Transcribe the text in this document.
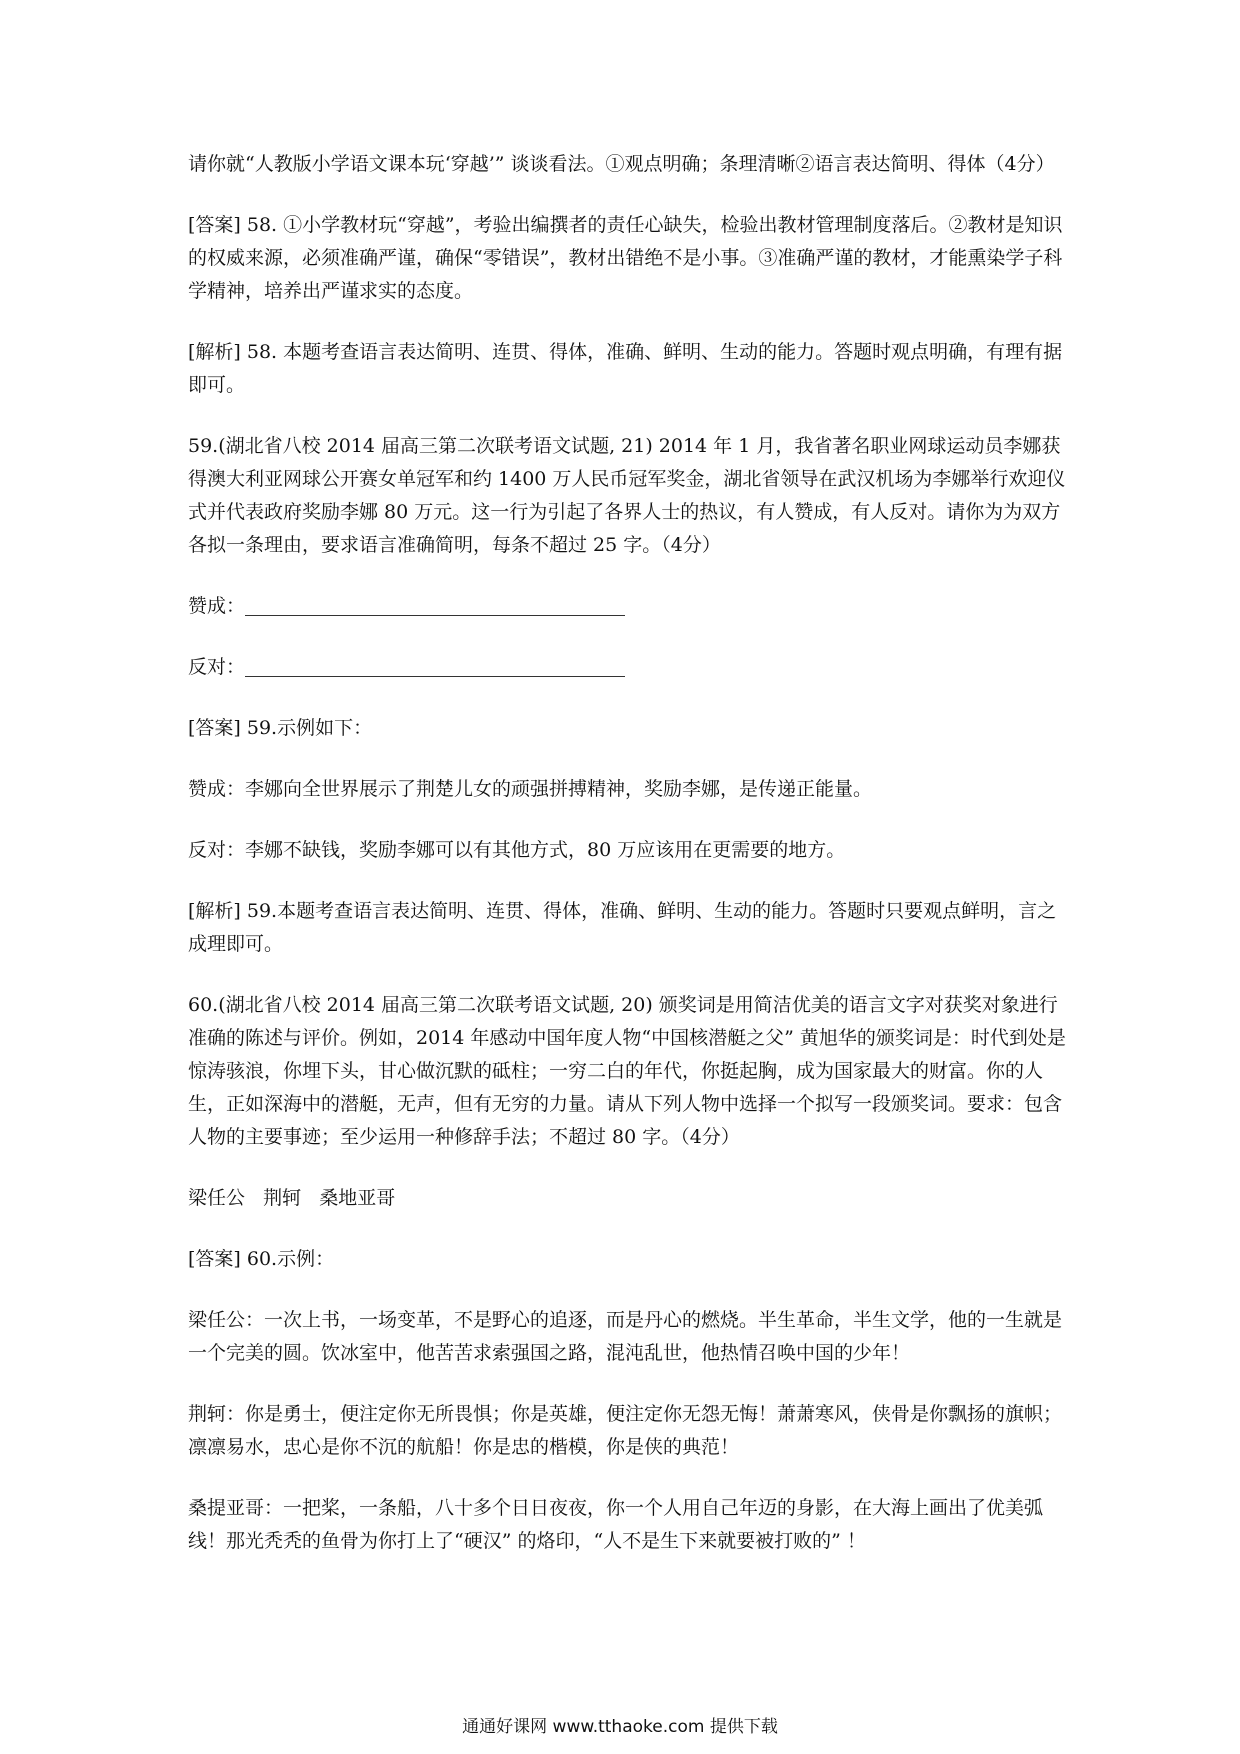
请你就“人教版小学语文课本玩‘穿越’” 谈谈看法。①观点明确；条理清晰②语言表达简明、得体（4分）

[答案] 58. ①小学教材玩“穿越”，考验出编撰者的责任心缺失，检验出教材管理制度落后。②教材是知识的权威来源，必须准确严谨，确保“零错误”，教材出错绝不是小事。③准确严谨的教材，才能熏染学子科学精神，培养出严谨求实的态度。

[解析] 58. 本题考查语言表达简明、连贯、得体，准确、鲜明、生动的能力。答题时观点明确，有理有据即可。

59.(湖北省八校 2014 届高三第二次联考语文试题, 21) 2014 年 1 月，我省著名职业网球运动员李娜获得澳大利亚网球公开赛女单冠军和约 1400 万人民币冠军奖金，湖北省领导在武汉机场为李娜举行欢迎仪式并代表政府奖励李娜 80 万元。这一行为引起了各界人士的热议，有人赞成，有人反对。请你为为双方各拟一条理由，要求语言准确简明，每条不超过 25 字。（4分）

赞成：

反对：

[答案] 59.示例如下：

赞成：李娜向全世界展示了荆楚儿女的顽强拼搏精神，奖励李娜，是传递正能量。

反对：李娜不缺钱，奖励李娜可以有其他方式，80 万应该用在更需要的地方。

[解析] 59.本题考查语言表达简明、连贯、得体，准确、鲜明、生动的能力。答题时只要观点鲜明，言之成理即可。

60.(湖北省八校 2014 届高三第二次联考语文试题, 20) 颁奖词是用简洁优美的语言文字对获奖对象进行准确的陈述与评价。例如，2014 年感动中国年度人物“中国核潜艇之父” 黄旭华的颁奖词是：时代到处是惊涛骇浪，你埋下头，甘心做沉默的砥柱；一穷二白的年代，你挺起胸，成为国家最大的财富。你的人生，正如深海中的潜艇，无声，但有无穷的力量。请从下列人物中选择一个拟写一段颁奖词。要求：包含人物的主要事迹；至少运用一种修辞手法；不超过 80 字。（4分）

梁任公   荆轲   桑地亚哥

[答案] 60.示例：

梁任公：一次上书，一场变革，不是野心的追逐，而是丹心的燃烧。半生革命，半生文学，他的一生就是一个完美的圆。饮冰室中，他苦苦求索强国之路，混沌乱世，他热情召唤中国的少年！

荆轲：你是勇士，便注定你无所畏惧；你是英雄，便注定你无怨无悔！萧萧寒风，侠骨是你飘扬的旗帜；凛凛易水，忠心是你不沉的航船！你是忠的楷模，你是侠的典范！

桑提亚哥：一把桨，一条船，八十多个日日夜夜，你一个人用自己年迈的身影，在大海上画出了优美弧线！那光秃秃的鱼骨为你打上了“硬汉” 的烙印，“人不是生下来就要被打败的” ！

通通好课网 www.tthaoke.com 提供下载
